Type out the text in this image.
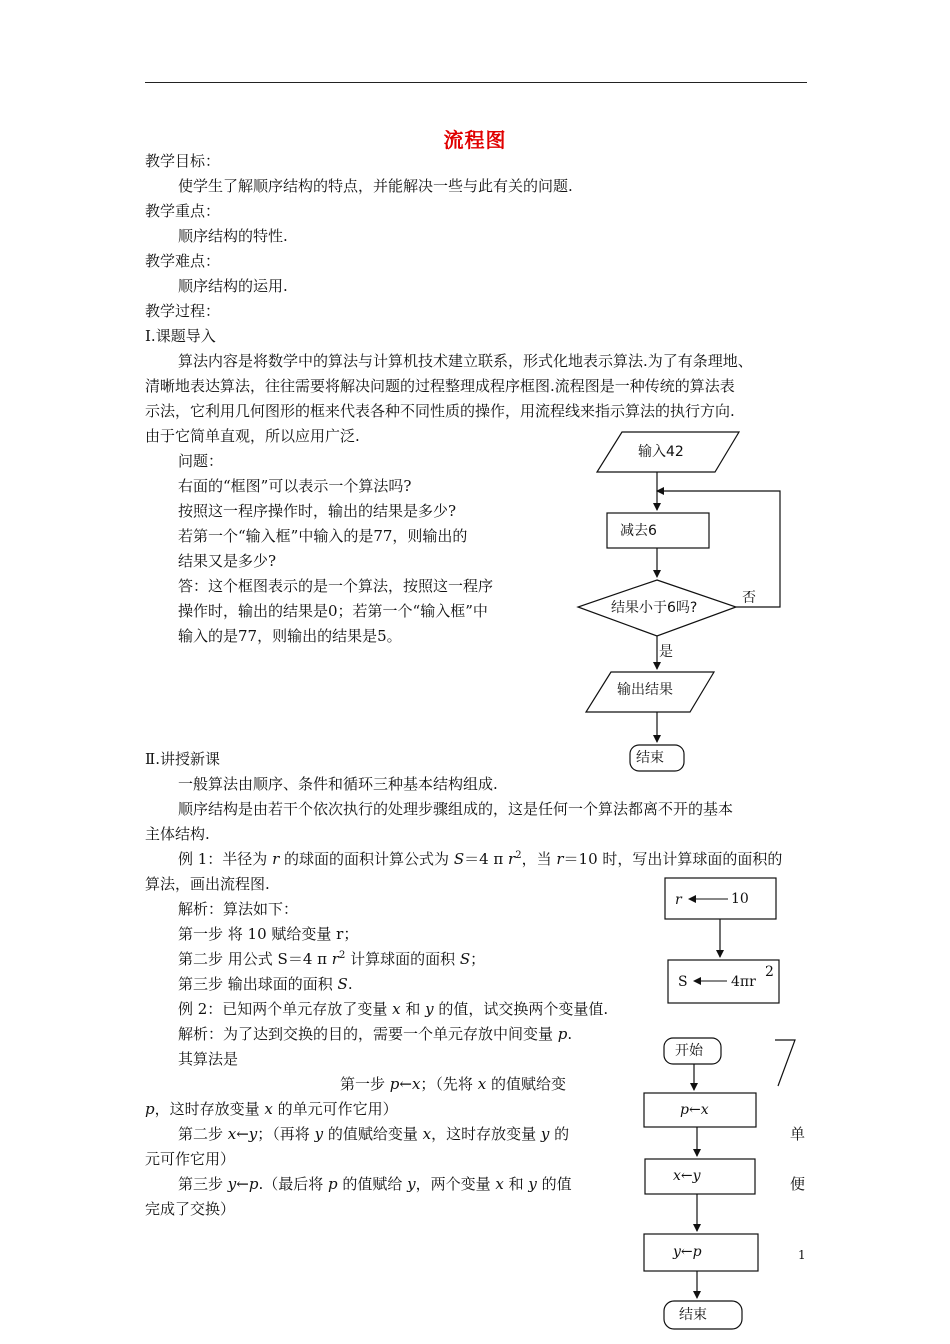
流程图
教学目标：
使学生了解顺序结构的特点，并能解决一些与此有关的问题.
教学重点：
顺序结构的特性.
教学难点：
顺序结构的运用.
教学过程：
Ⅰ.课题导入
算法内容是将数学中的算法与计算机技术建立联系，形式化地表示算法.为了有条理地、
清晰地表达算法，往往需要将解决问题的过程整理成程序框图.流程图是一种传统的算法表
示法，它利用几何图形的框来代表各种不同性质的操作，用流程线来指示算法的执行方向.
由于它简单直观，所以应用广泛.
问题：
右面的“框图”可以表示一个算法吗?
按照这一程序操作时，输出的结果是多少?
若第一个“输入框”中输入的是77，则输出的
结果又是多少?
答：这个框图表示的是一个算法，按照这一程序
操作时，输出的结果是0；若第一个“输入框”中
输入的是77，则输出的结果是5。
输入42
减去6
结果小于6吗?
否
是
输出结果
结束
Ⅱ.讲授新课
一般算法由顺序、条件和循环三种基本结构组成.
顺序结构是由若干个依次执行的处理步骤组成的，这是任何一个算法都离不开的基本
主体结构.
例 1：半径为 r 的球面的面积计算公式为 S＝4 π $r^2$，当 r＝10 时，写出计算球面的面积的
算法，画出流程图.
解析：算法如下：
第一步 将 10 赋给变量 r；
第二步 用公式 S＝4 π $r^2$ 计算球面的面积 S；
第三步 输出球面的面积 S.
例 2：已知两个单元存放了变量 x 和 y 的值，试交换两个变量值.
解析：为了达到交换的目的，需要一个单元存放中间变量 p.
其算法是
第一步 p←x；（先将 x 的值赋给变
p，这时存放变量 x 的单元可作它用）
第二步 x←y；（再将 y 的值赋给变量 x，这时存放变量 y 的	单
元可作它用）
第三步 y←p.（最后将 p 的值赋给 y，两个变量 x 和 y 的值	便
完成了交换）
r	10
S	4πr
2
开始
p←x
x←y
y←p
结束
1
